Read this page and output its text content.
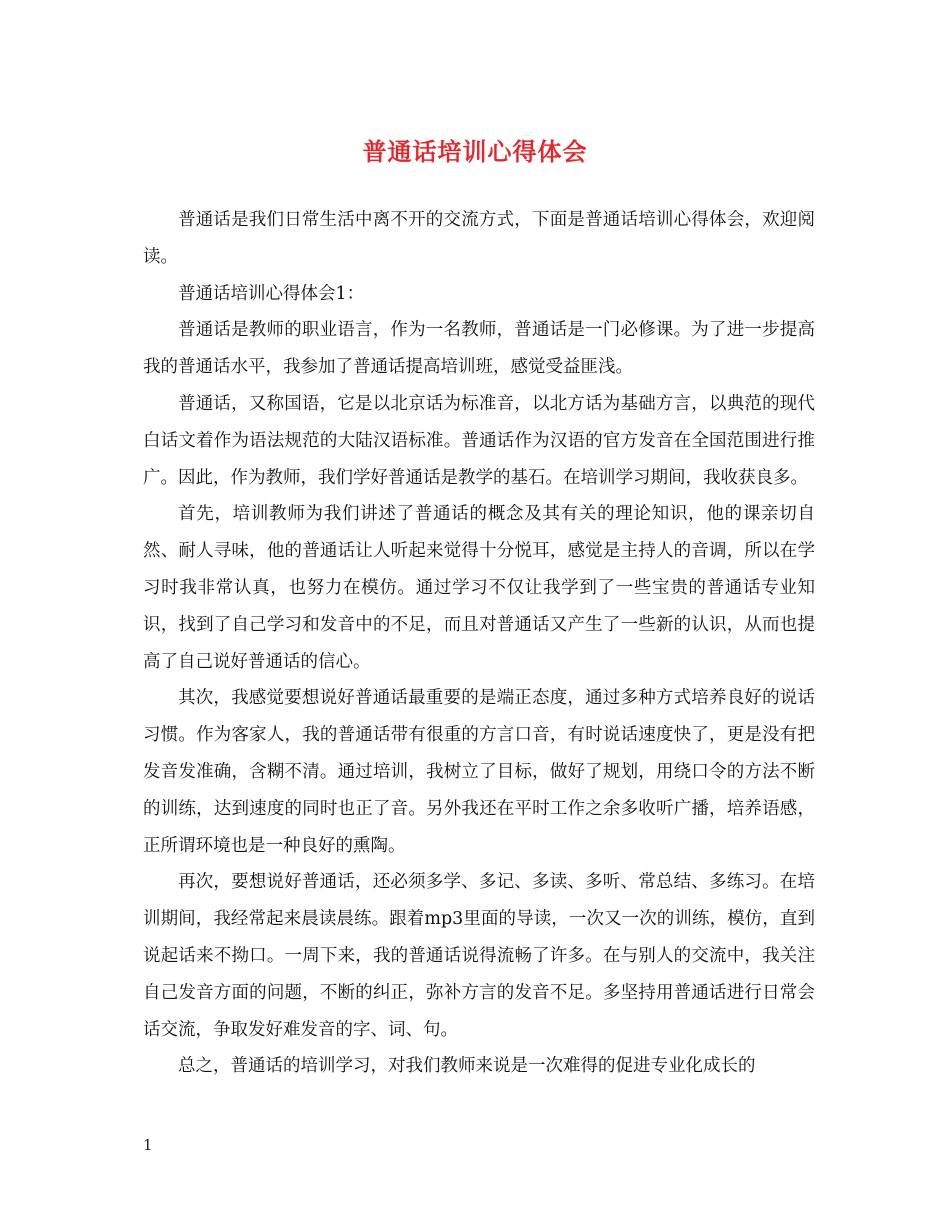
普通话培训心得体会

普通话是我们日常生活中离不开的交流方式，下面是普通话培训心得体会，欢迎阅读。

普通话培训心得体会1：

普通话是教师的职业语言，作为一名教师，普通话是一门必修课。为了进一步提高我的普通话水平，我参加了普通话提高培训班，感觉受益匪浅。

普通话，又称国语，它是以北京话为标准音，以北方话为基础方言，以典范的现代白话文着作为语法规范的大陆汉语标准。普通话作为汉语的官方发音在全国范围进行推广。因此，作为教师，我们学好普通话是教学的基石。在培训学习期间，我收获良多。

首先，培训教师为我们讲述了普通话的概念及其有关的理论知识，他的课亲切自然、耐人寻味，他的普通话让人听起来觉得十分悦耳，感觉是主持人的音调，所以在学习时我非常认真，也努力在模仿。通过学习不仅让我学到了一些宝贵的普通话专业知识，找到了自己学习和发音中的不足，而且对普通话又产生了一些新的认识，从而也提高了自己说好普通话的信心。

其次，我感觉要想说好普通话最重要的是端正态度，通过多种方式培养良好的说话习惯。作为客家人，我的普通话带有很重的方言口音，有时说话速度快了，更是没有把发音发准确，含糊不清。通过培训，我树立了目标，做好了规划，用绕口令的方法不断的训练，达到速度的同时也正了音。另外我还在平时工作之余多收听广播，培养语感，正所谓环境也是一种良好的熏陶。

再次，要想说好普通话，还必须多学、多记、多读、多听、常总结、多练习。在培训期间，我经常起来晨读晨练。跟着mp3里面的导读，一次又一次的训练，模仿，直到说起话来不拗口。一周下来，我的普通话说得流畅了许多。在与别人的交流中，我关注自己发音方面的问题，不断的纠正，弥补方言的发音不足。多坚持用普通话进行日常会话交流，争取发好难发音的字、词、句。

总之，普通话的培训学习，对我们教师来说是一次难得的促进专业化成长的

1
